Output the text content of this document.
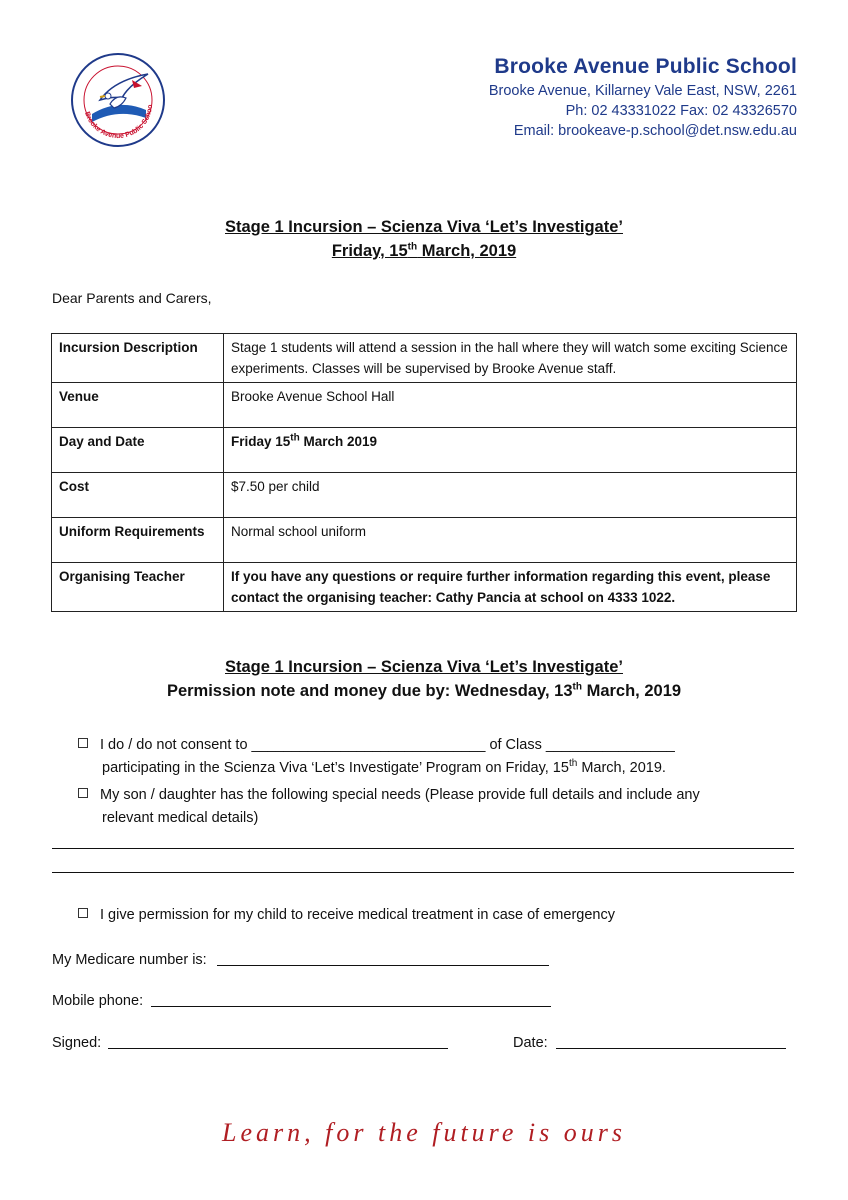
Brooke Avenue Public Schoo
Brooke Avenue Public School
Brooke Avenue, Killarney Vale East, NSW, 2261
Ph: 02 43331022 Fax: 02 43326570
Email: brookeave-p.school@det.nsw.edu.au
Stage 1 Incursion – Scienza Viva ‘Let’s Investigate’
Friday, 15th March, 2019
Dear Parents and Carers,
Incursion Description	Stage 1 students will attend a session in the hall where they will watch some exciting Science experiments. Classes will be supervised by Brooke Avenue staff.
Venue	Brooke Avenue School Hall
Day and Date	Friday 15th March 2019
Cost	$7.50 per child
Uniform Requirements	Normal school uniform
Organising Teacher	If you have any questions or require further information regarding this event, please contact the organising teacher: Cathy Pancia at school on 4333 1022.
Stage 1 Incursion – Scienza Viva ‘Let’s Investigate’
Permission note and money due by: Wednesday, 13th March, 2019
I do / do not consent to _____________________________ of Class ________________
participating in the Scienza Viva ‘Let’s Investigate’ Program on Friday, 15th March, 2019.
My son / daughter has the following special needs (Please provide full details and include any
relevant medical details)
I give permission for my child to receive medical treatment in case of emergency
My Medicare number is:
Mobile phone:
Signed:	Date:
Learn, for the future is ours
